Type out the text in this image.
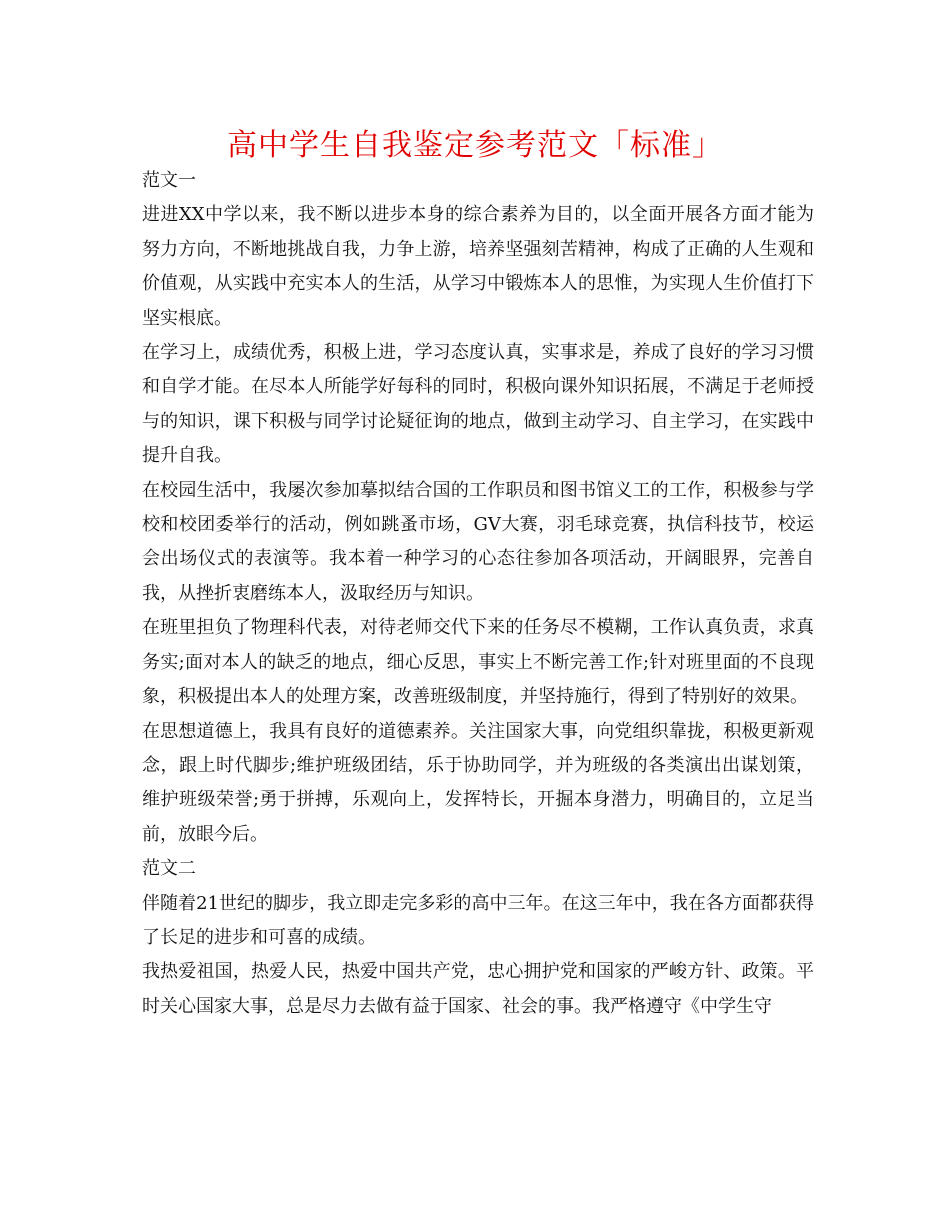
高中学生自我鉴定参考范文「标准」

范文一

进进XX中学以来，我不断以进步本身的综合素养为目的，以全面开展各方面才能为努力方向，不断地挑战自我，力争上游，培养坚强刻苦精神，构成了正确的人生观和价值观，从实践中充实本人的生活，从学习中锻炼本人的思惟，为实现人生价值打下坚实根底。

在学习上，成绩优秀，积极上进，学习态度认真，实事求是，养成了良好的学习习惯和自学才能。在尽本人所能学好每科的同时，积极向课外知识拓展，不满足于老师授与的知识，课下积极与同学讨论疑征询的地点，做到主动学习、自主学习，在实践中提升自我。

在校园生活中，我屡次参加摹拟结合国的工作职员和图书馆义工的工作，积极参与学校和校团委举行的活动，例如跳蚤市场，GV大赛，羽毛球竞赛，执信科技节，校运会出场仪式的表演等。我本着一种学习的心态往参加各项活动，开阔眼界，完善自我，从挫折衷磨练本人，汲取经历与知识。

在班里担负了物理科代表，对待老师交代下来的任务尽不模糊，工作认真负责，求真务实;面对本人的缺乏的地点，细心反思，事实上不断完善工作;针对班里面的不良现象，积极提出本人的处理方案，改善班级制度，并坚持施行，得到了特别好的效果。

在思想道德上，我具有良好的道德素养。关注国家大事，向党组织靠拢，积极更新观念，跟上时代脚步;维护班级团结，乐于协助同学，并为班级的各类演出出谋划策，维护班级荣誉;勇于拼搏，乐观向上，发挥特长，开掘本身潜力，明确目的，立足当前，放眼今后。

范文二

伴随着21世纪的脚步，我立即走完多彩的高中三年。在这三年中，我在各方面都获得了长足的进步和可喜的成绩。

我热爱祖国，热爱人民，热爱中国共产党，忠心拥护党和国家的严峻方针、政策。平时关心国家大事，总是尽力去做有益于国家、社会的事。我严格遵守《中学生守
